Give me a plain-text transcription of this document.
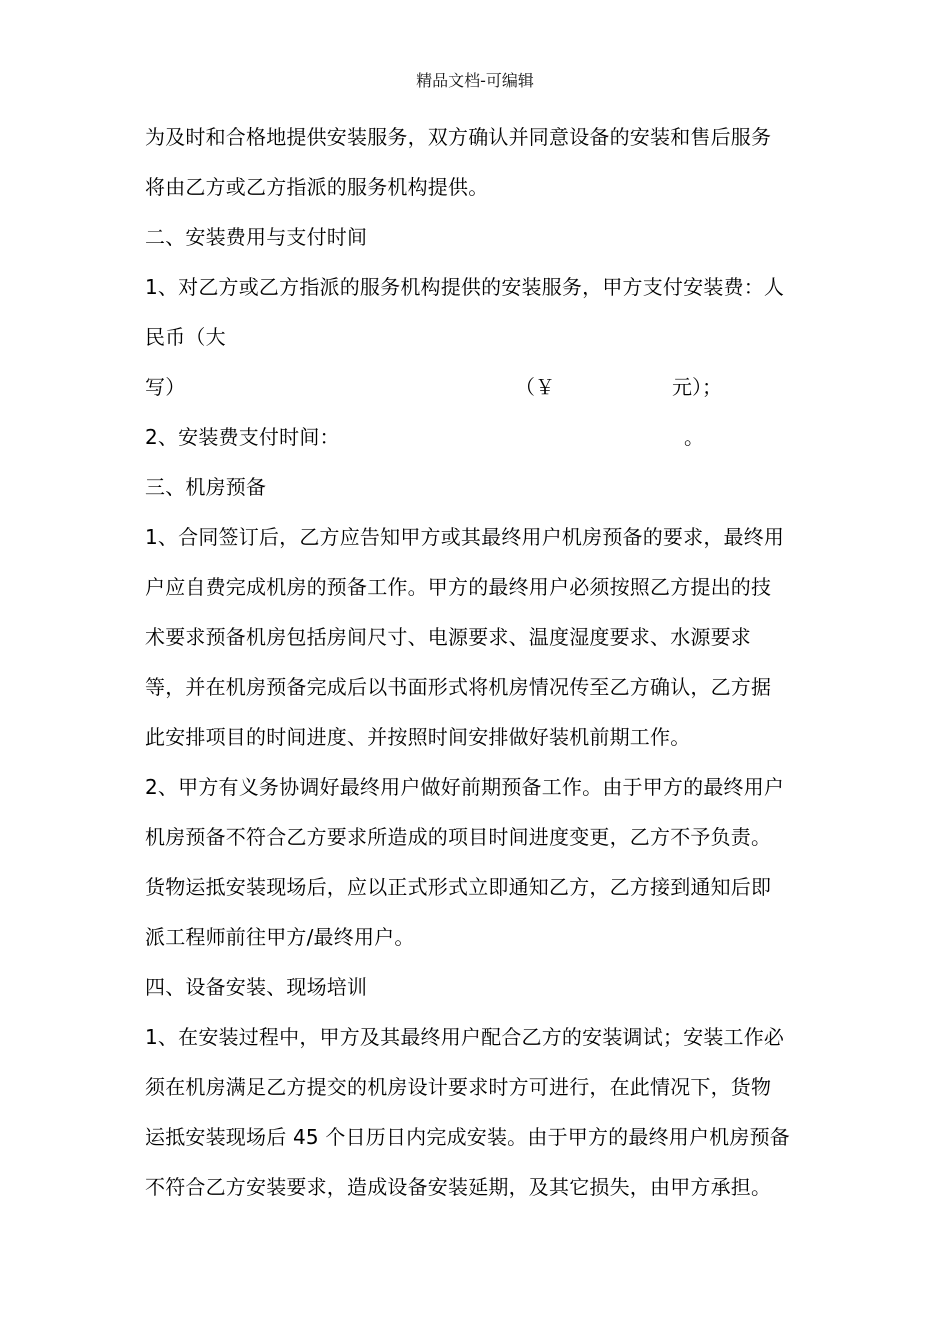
精品文档-可编辑
为及时和合格地提供安装服务，双方确认并同意设备的安装和售后服务
将由乙方或乙方指派的服务机构提供。
二、安装费用与支付时间
1、对乙方或乙方指派的服务机构提供的安装服务，甲方支付安装费：人
民币（大
写）	（￥	元）；
2、安装费支付时间：	。
三、机房预备
1、合同签订后，乙方应告知甲方或其最终用户机房预备的要求，最终用
户应自费完成机房的预备工作。甲方的最终用户必须按照乙方提出的技
术要求预备机房包括房间尺寸、电源要求、温度湿度要求、水源要求
等，并在机房预备完成后以书面形式将机房情况传至乙方确认，乙方据
此安排项目的时间进度、并按照时间安排做好装机前期工作。
2、甲方有义务协调好最终用户做好前期预备工作。由于甲方的最终用户
机房预备不符合乙方要求所造成的项目时间进度变更，乙方不予负责。
货物运抵安装现场后，应以正式形式立即通知乙方，乙方接到通知后即
派工程师前往甲方/最终用户。
四、设备安装、现场培训
1、在安装过程中，甲方及其最终用户配合乙方的安装调试；安装工作必
须在机房满足乙方提交的机房设计要求时方可进行，在此情况下，货物
运抵安装现场后 45 个日历日内完成安装。由于甲方的最终用户机房预备
不符合乙方安装要求，造成设备安装延期，及其它损失，由甲方承担。
